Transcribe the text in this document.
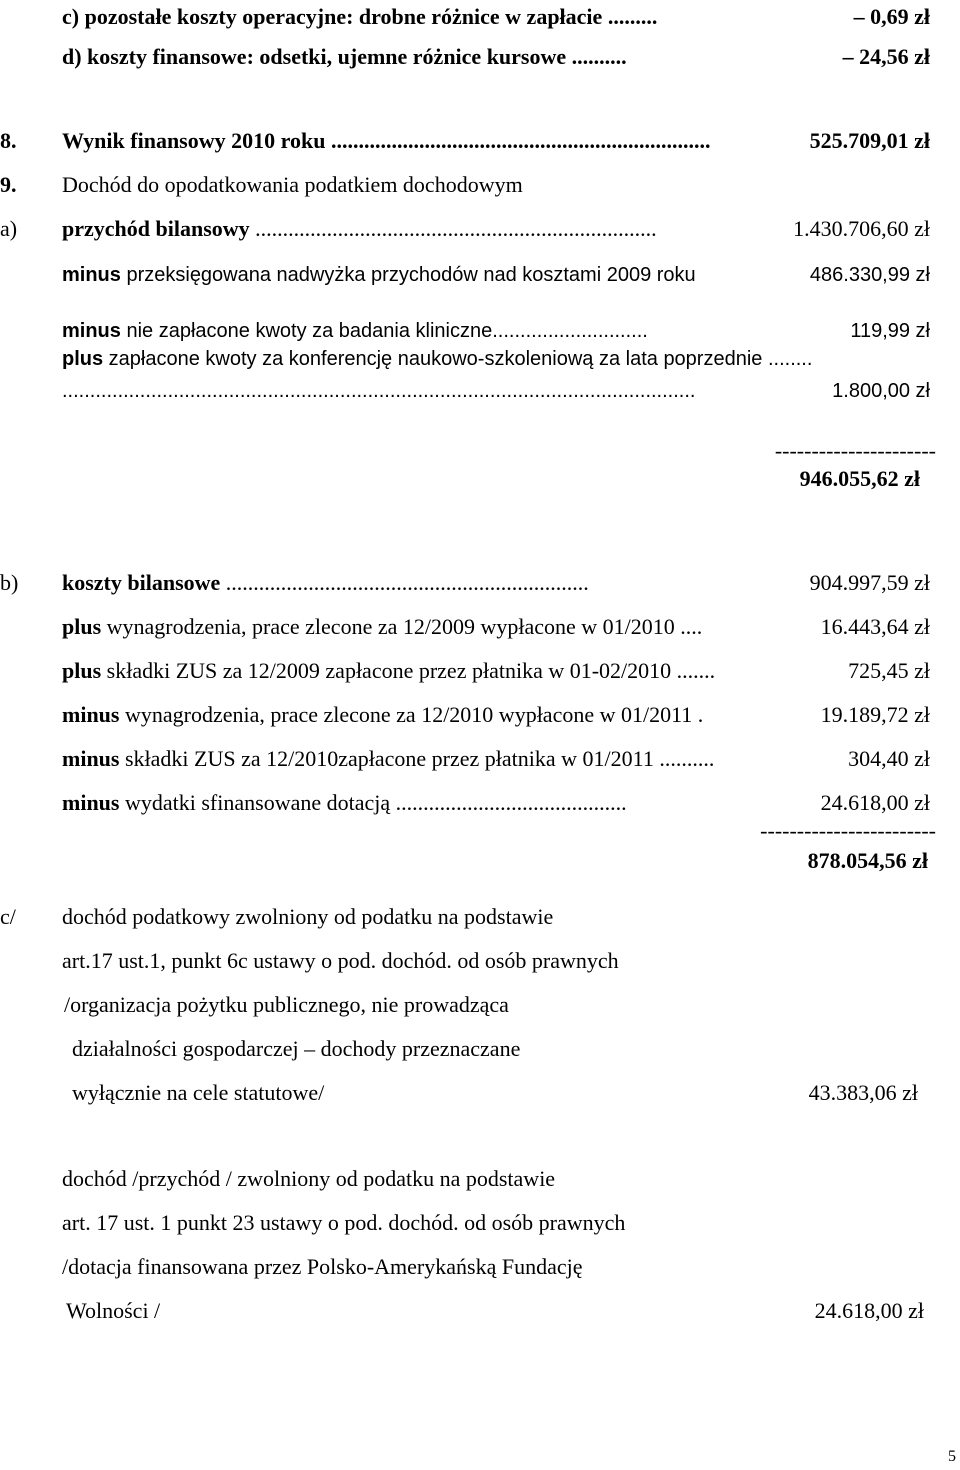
c) pozostałe koszty operacyjne: drobne różnice w zapłacie .........	– 0,69 zł
d) koszty finansowe: odsetki, ujemne różnice kursowe ..........	– 24,56 zł
8. Wynik finansowy 2010 roku .....................................................................	525.709,01 zł
9. Dochód do opodatkowania podatkiem dochodowym
a) przychód bilansowy .........................................................................	1.430.706,60 zł
minus przeksięgowana nadwyżka przychodów nad kosztami 2009 roku	486.330,99 zł
minus nie zapłacone kwoty za badania kliniczne............................	119,99 zł
plus zapłacone kwoty za konferencję naukowo-szkoleniową za lata poprzednie ........
..................................................................................................................	1.800,00 zł
----------------------
946.055,62 zł
b) koszty bilansowe ..................................................................	904.997,59 zł
plus wynagrodzenia, prace zlecone za 12/2009 wypłacone w 01/2010 ....	16.443,64 zł
plus składki ZUS za 12/2009 zapłacone przez płatnika w 01-02/2010 .......	725,45 zł
minus wynagrodzenia, prace zlecone za 12/2010 wypłacone w 01/2011 .	19.189,72 zł
minus składki ZUS za 12/2010zapłacone przez płatnika w 01/2011 ..........	304,40 zł
minus wydatki sfinansowane dotacją ..........................................	24.618,00 zł
------------------------
878.054,56 zł
c/ dochód podatkowy zwolniony od podatku na podstawie
art.17 ust.1, punkt 6c ustawy o pod. dochód. od osób prawnych
/organizacja pożytku publicznego, nie prowadząca
działalności gospodarczej – dochody przeznaczane
wyłącznie na cele statutowe/	43.383,06 zł
dochód /przychód / zwolniony od podatku na podstawie
art. 17 ust. 1 punkt 23 ustawy o pod. dochód. od osób prawnych
/dotacja finansowana przez Polsko-Amerykańską Fundację
Wolności /	24.618,00 zł
5
